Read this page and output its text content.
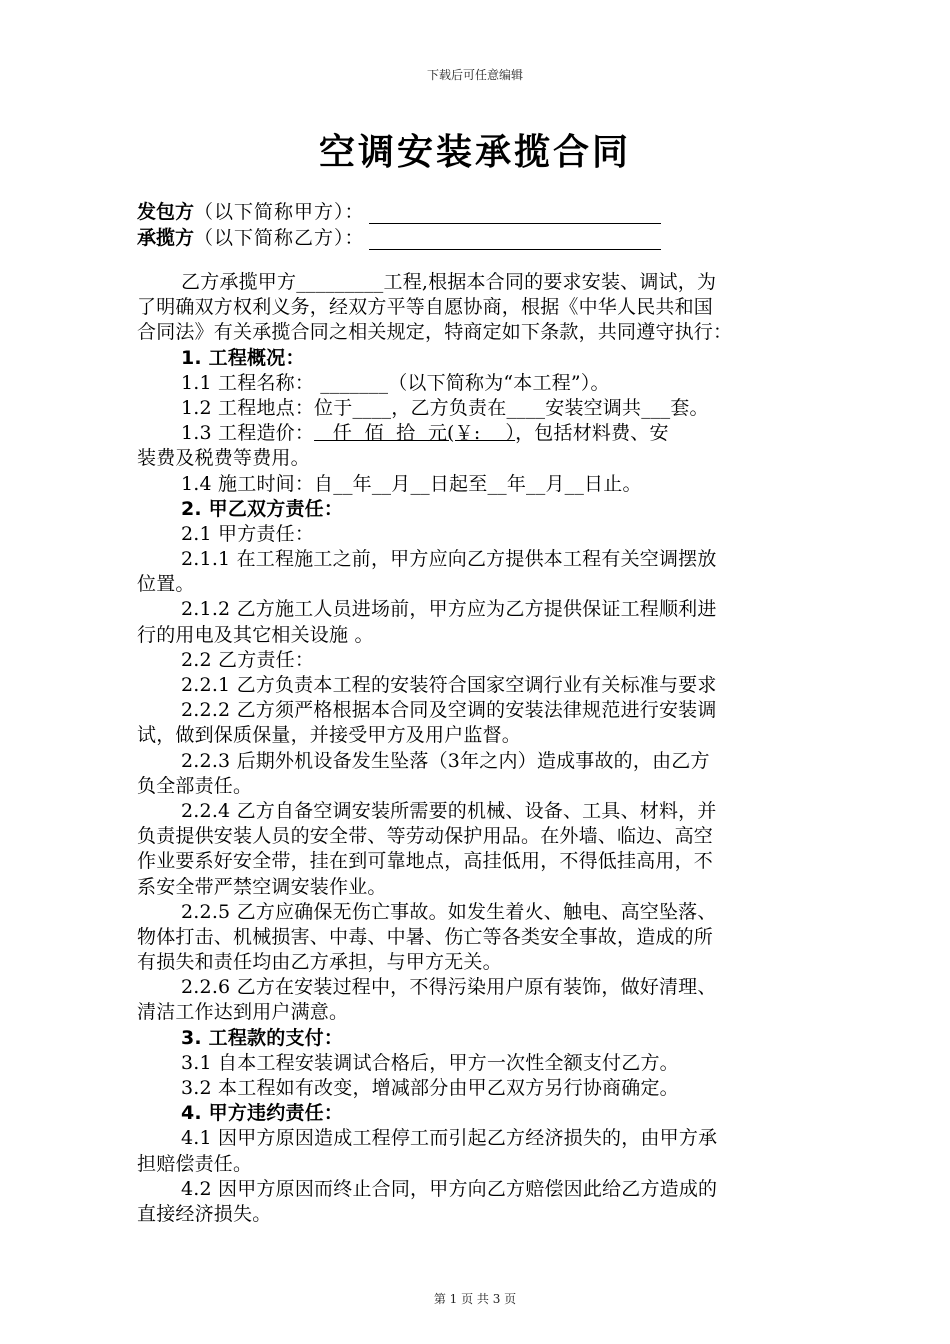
下载后可任意编辑
空调安装承揽合同
发包方（以下简称甲方）：
承揽方（以下简称乙方）：
乙方承揽甲方_________工程,根据本合同的要求安装、调试，为
了明确双方权利义务，经双方平等自愿协商，根据《中华人民共和国
合同法》有关承揽合同之相关规定，特商定如下条款，共同遵守执行：
1. 工程概况：
1.1 工程名称： _______（以下简称为“本工程”）。
1.2 工程地点：位于____，乙方负责在____安装空调共___套。
1.3 工程造价：   仟  佰  拾  元(￥:    ），包括材料费、安
装费及税费等费用。
1.4 施工时间：自__年__月__日起至__年__月__日止。
2. 甲乙双方责任：
2.1 甲方责任：
2.1.1 在工程施工之前，甲方应向乙方提供本工程有关空调摆放
位置。
2.1.2 乙方施工人员进场前，甲方应为乙方提供保证工程顺利进
行的用电及其它相关设施 。
2.2 乙方责任：
2.2.1 乙方负责本工程的安装符合国家空调行业有关标准与要求
2.2.2 乙方须严格根据本合同及空调的安装法律规范进行安装调
试，做到保质保量，并接受甲方及用户监督。
2.2.3 后期外机设备发生坠落（3年之内）造成事故的，由乙方
负全部责任。
2.2.4 乙方自备空调安装所需要的机械、设备、工具、材料，并
负责提供安装人员的安全带、等劳动保护用品。在外墙、临边、高空
作业要系好安全带，挂在到可靠地点，高挂低用，不得低挂高用，不
系安全带严禁空调安装作业。
2.2.5 乙方应确保无伤亡事故。如发生着火、触电、高空坠落、
物体打击、机械损害、中毒、中暑、伤亡等各类安全事故，造成的所
有损失和责任均由乙方承担，与甲方无关。
2.2.6 乙方在安装过程中，不得污染用户原有装饰，做好清理、
清洁工作达到用户满意。
3. 工程款的支付：
3.1 自本工程安装调试合格后，甲方一次性全额支付乙方。
3.2 本工程如有改变，增减部分由甲乙双方另行协商确定。
4. 甲方违约责任：
4.1 因甲方原因造成工程停工而引起乙方经济损失的，由甲方承
担赔偿责任。
4.2 因甲方原因而终止合同，甲方向乙方赔偿因此给乙方造成的
直接经济损失。
第 1 页 共 3 页
